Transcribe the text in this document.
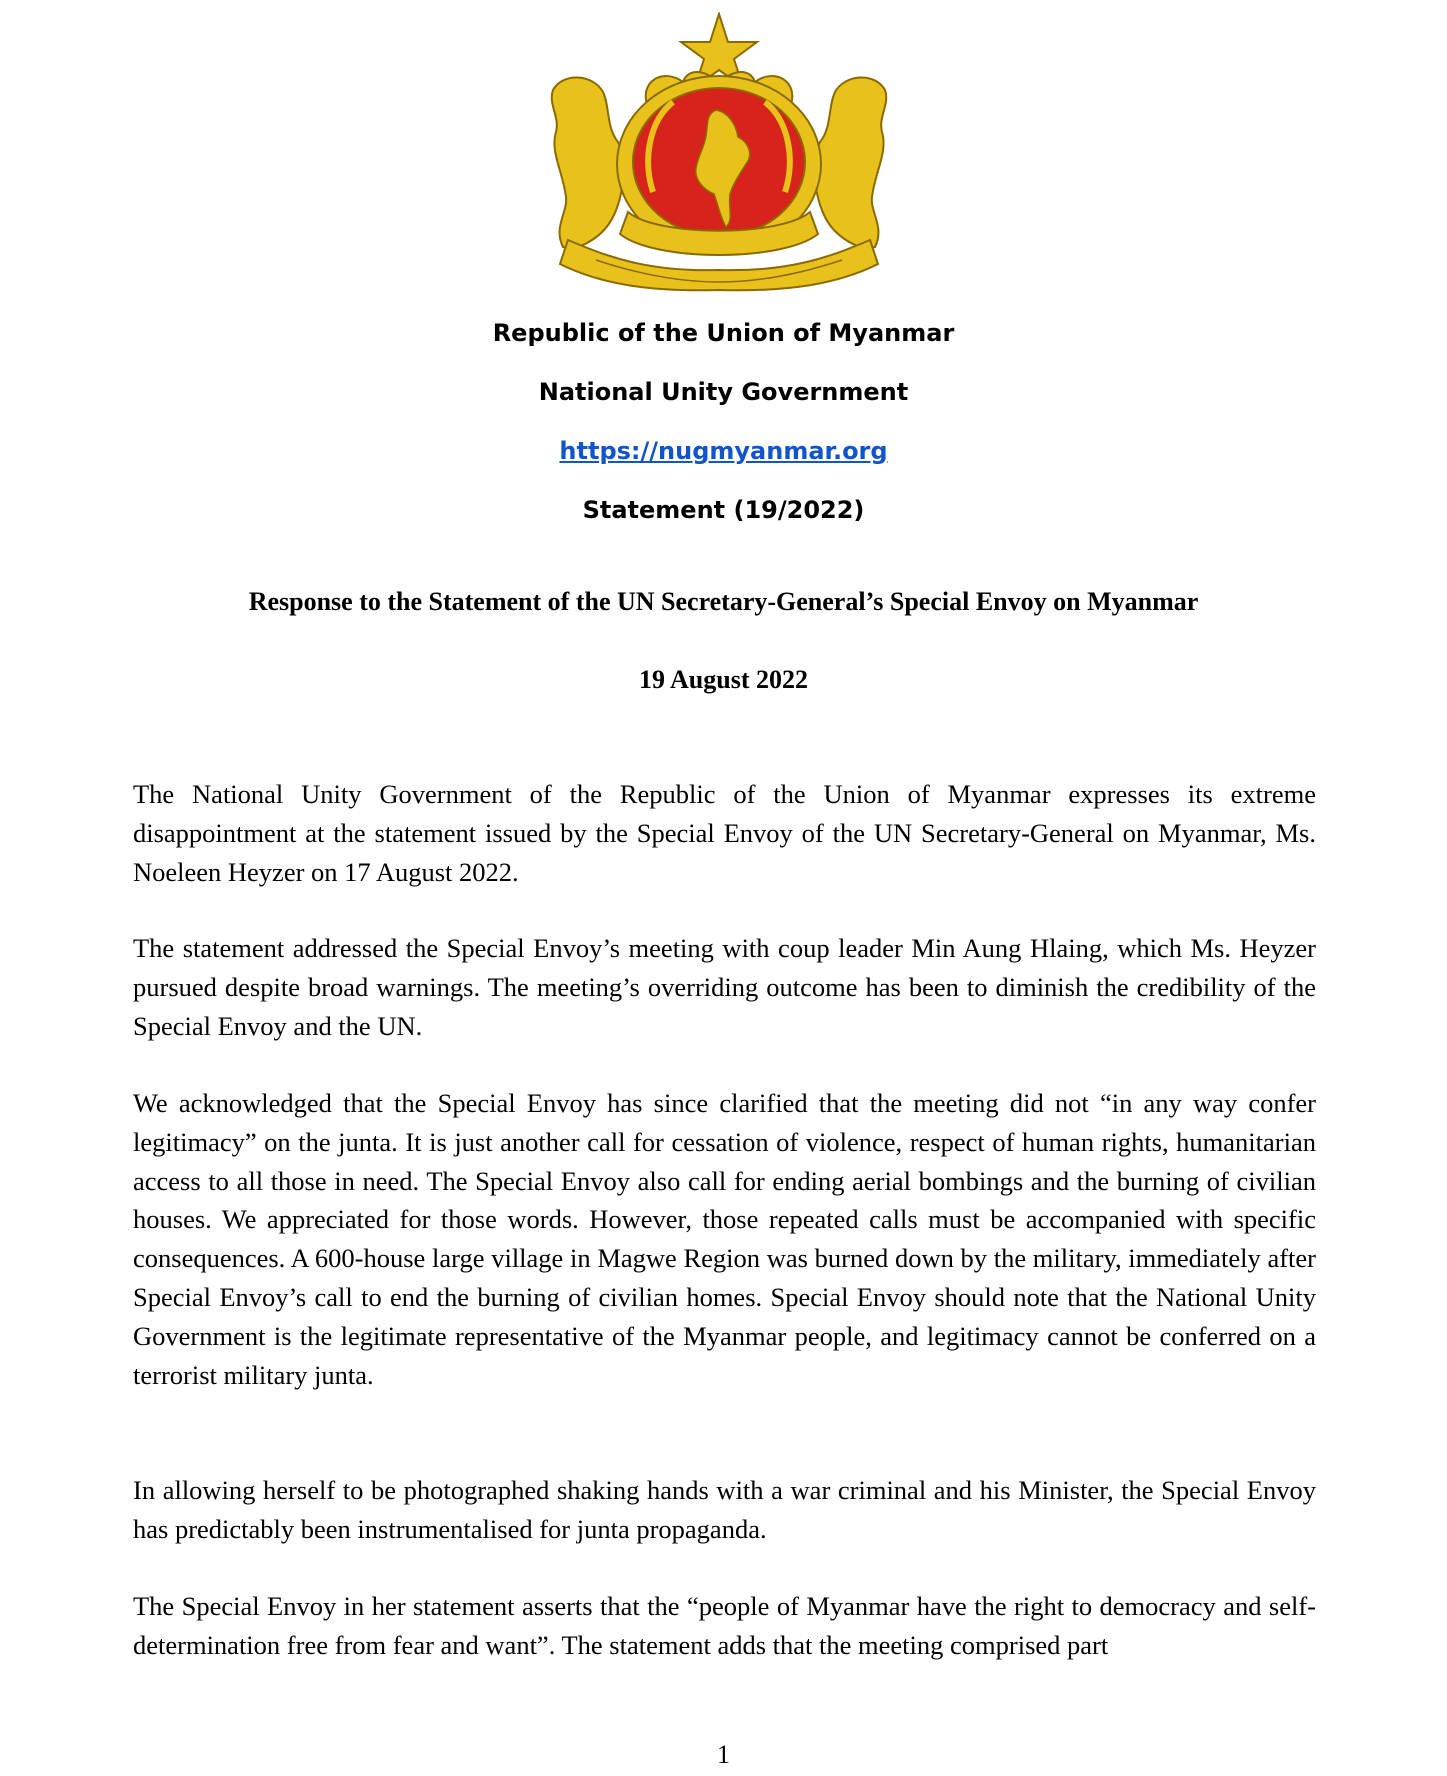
Republic of the Union of Myanmar
National Unity Government
https://nugmyanmar.org
Statement (19/2022)
Response to the Statement of the UN Secretary-General’s Special Envoy on Myanmar
19 August 2022

The National Unity Government of the Republic of the Union of Myanmar expresses its extreme disappointment at the statement issued by the Special Envoy of the UN Secretary-General on Myanmar, Ms. Noeleen Heyzer on 17 August 2022.

The statement addressed the Special Envoy’s meeting with coup leader Min Aung Hlaing, which Ms. Heyzer pursued despite broad warnings. The meeting’s overriding outcome has been to diminish the credibility of the Special Envoy and the UN.

We acknowledged that the Special Envoy has since clarified that the meeting did not “in any way confer legitimacy” on the junta. It is just another call for cessation of violence, respect of human rights, humanitarian access to all those in need. The Special Envoy also call for ending aerial bombings and the burning of civilian houses. We appreciated for those words. However, those repeated calls must be accompanied with specific consequences. A 600-house large village in Magwe Region was burned down by the military, immediately after Special Envoy’s call to end the burning of civilian homes. Special Envoy should note that the National Unity Government is the legitimate representative of the Myanmar people, and legitimacy cannot be conferred on a terrorist military junta.

In allowing herself to be photographed shaking hands with a war criminal and his Minister, the Special Envoy has predictably been instrumentalised for junta propaganda.

The Special Envoy in her statement asserts that the “people of Myanmar have the right to democracy and self-determination free from fear and want”. The statement adds that the meeting comprised part

1
